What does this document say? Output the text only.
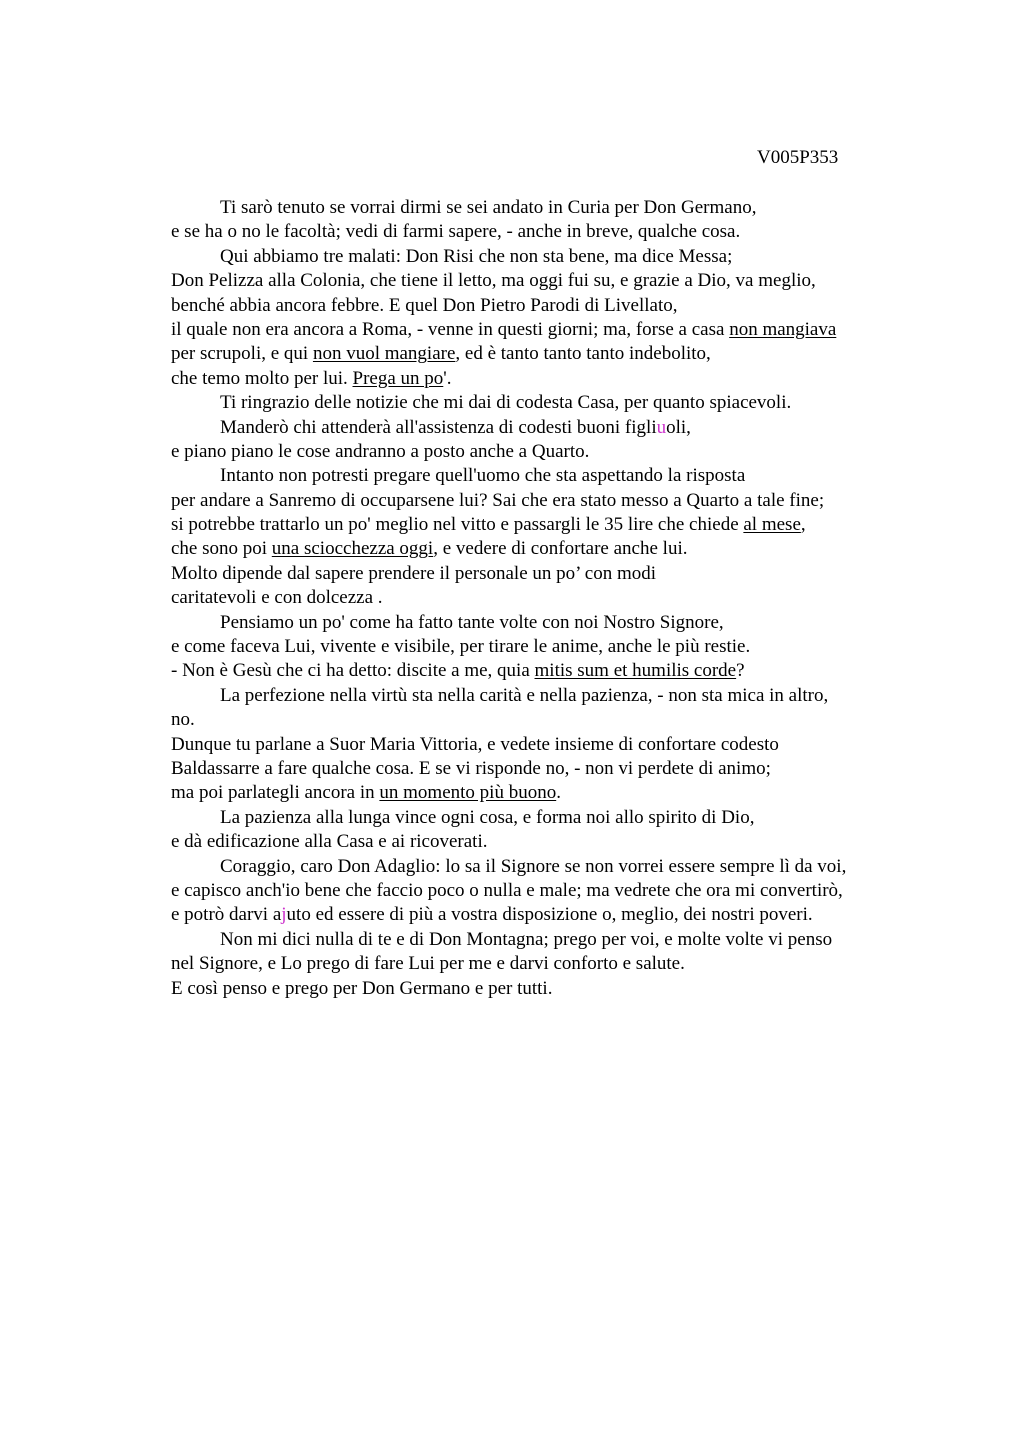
V005P353
Ti sarò tenuto se vorrai dirmi se sei andato in Curia per Don Germano,
e se ha o no le facoltà; vedi di farmi sapere, - anche in breve, qualche cosa.
Qui abbiamo tre malati: Don Risi che non sta bene, ma dice Messa;
Don Pelizza alla Colonia, che tiene il letto, ma oggi fui su, e grazie a Dio, va meglio,
benché abbia ancora febbre. E quel Don Pietro Parodi di Livellato,
il quale non era ancora a Roma, - venne in questi giorni; ma, forse a casa non mangiava
per scrupoli, e qui non vuol mangiare, ed è tanto tanto tanto indebolito,
che temo molto per lui. Prega un po'.
Ti ringrazio delle notizie che mi dai di codesta Casa, per quanto spiacevoli.
Manderò chi attenderà all'assistenza di codesti buoni figliuoli,
e piano piano le cose andranno a posto anche a Quarto.
Intanto non potresti pregare quell'uomo che sta aspettando la risposta
per andare a Sanremo di occuparsene lui? Sai che era stato messo a Quarto a tale fine;
si potrebbe trattarlo un po' meglio nel vitto e passargli le 35 lire che chiede al mese,
che sono poi una sciocchezza oggi, e vedere di confortare anche lui.
Molto dipende dal sapere prendere il personale un po’ con modi
caritatevoli e con dolcezza .
Pensiamo un po' come ha fatto tante volte con noi Nostro Signore,
e come faceva Lui, vivente e visibile, per tirare le anime, anche le più restie.
- Non è Gesù che ci ha detto: discite a me, quia mitis sum et humilis corde?
La perfezione nella virtù sta nella carità e nella pazienza, - non sta mica in altro,
no.
Dunque tu parlane a Suor Maria Vittoria, e vedete insieme di confortare codesto
Baldassarre a fare qualche cosa. E se vi risponde no, - non vi perdete di animo;
ma poi parlategli ancora in un momento più buono.
La pazienza alla lunga vince ogni cosa, e forma noi allo spirito di Dio,
e dà edificazione alla Casa e ai ricoverati.
Coraggio, caro Don Adaglio: lo sa il Signore se non vorrei essere sempre lì da voi,
e capisco anch'io bene che faccio poco o nulla e male; ma vedrete che ora mi convertirò,
e potrò darvi ajuto ed essere di più a vostra disposizione o, meglio, dei nostri poveri.
Non mi dici nulla di te e di Don Montagna; prego per voi, e molte volte vi penso
nel Signore, e Lo prego di fare Lui per me e darvi conforto e salute.
E così penso e prego per Don Germano e per tutti.
